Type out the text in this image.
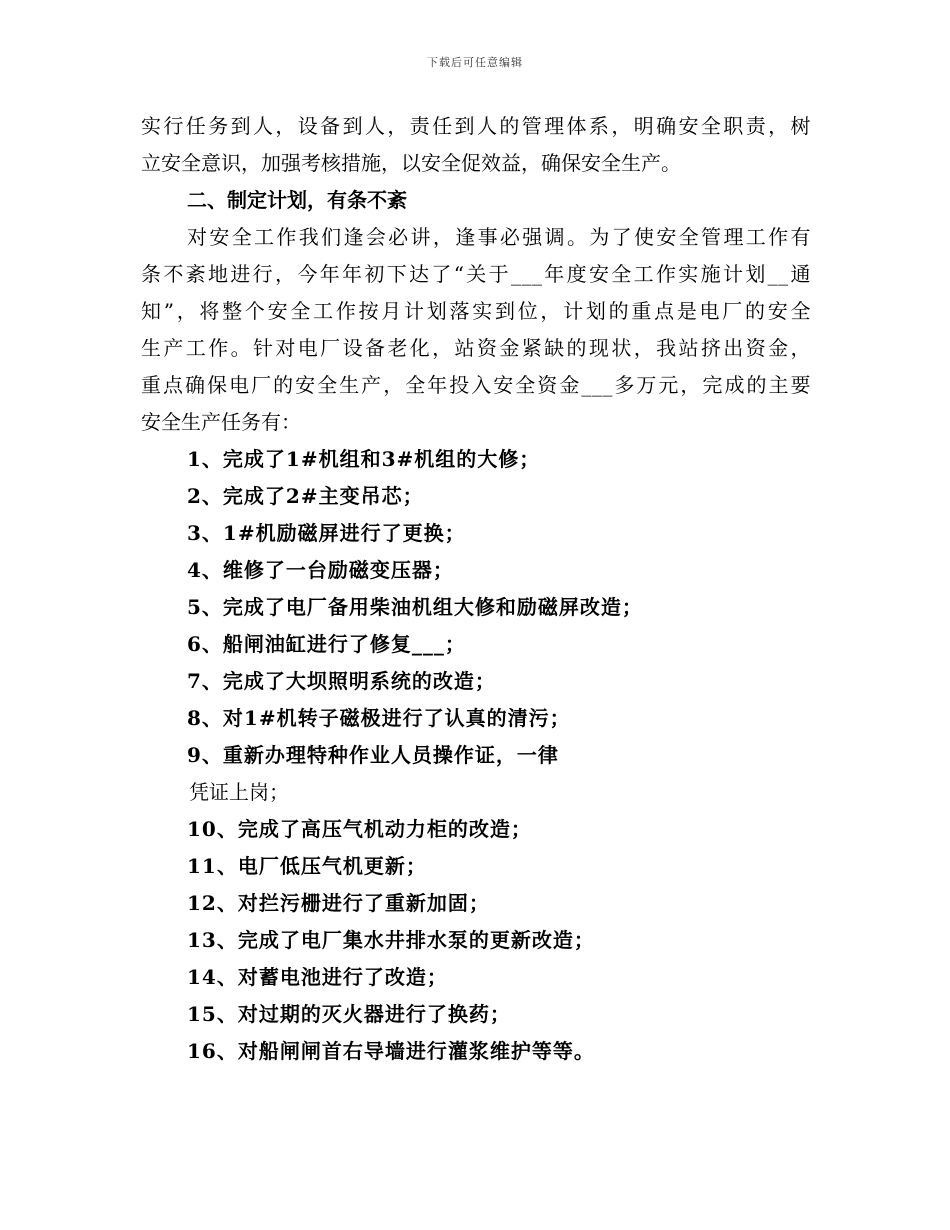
下载后可任意编辑
实行任务到人，设备到人，责任到人的管理体系，明确安全职责，树
立安全意识，加强考核措施，以安全促效益，确保安全生产。
二、制定计划，有条不紊
对安全工作我们逢会必讲，逢事必强调。为了使安全管理工作有
条不紊地进行，今年年初下达了“关于___年度安全工作实施计划__通
知”，将整个安全工作按月计划落实到位，计划的重点是电厂的安全
生产工作。针对电厂设备老化，站资金紧缺的现状，我站挤出资金，
重点确保电厂的安全生产，全年投入安全资金___多万元，完成的主要
安全生产任务有：
1、完成了1#机组和3#机组的大修；
2、完成了2#主变吊芯；
3、1#机励磁屏进行了更换；
4、维修了一台励磁变压器；
5、完成了电厂备用柴油机组大修和励磁屏改造；
6、船闸油缸进行了修复___；
7、完成了大坝照明系统的改造；
8、对1#机转子磁极进行了认真的清污；
9、重新办理特种作业人员操作证，一律
凭证上岗；
10、完成了高压气机动力柜的改造；
11、电厂低压气机更新；
12、对拦污栅进行了重新加固；
13、完成了电厂集水井排水泵的更新改造；
14、对蓄电池进行了改造；
15、对过期的灭火器进行了换药；
16、对船闸闸首右导墙进行灌浆维护等等。
